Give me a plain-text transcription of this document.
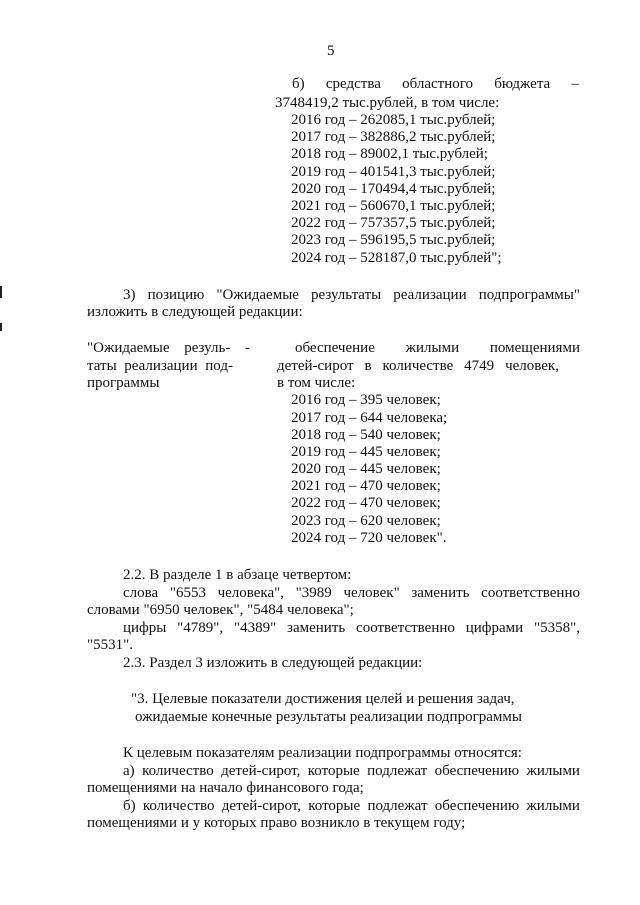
5
б) средства областного бюджета –
3748419,2 тыс.рублей, в том числе:
2016 год – 262085,1 тыс.рублей;
2017 год – 382886,2 тыс.рублей;
2018 год – 89002,1 тыс.рублей;
2019 год – 401541,3 тыс.рублей;
2020 год – 170494,4 тыс.рублей;
2021 год – 560670,1 тыс.рублей;
2022 год – 757357,5 тыс.рублей;
2023 год – 596195,5 тыс.рублей;
2024 год – 528187,0 тыс.рублей";
3) позицию "Ожидаемые результаты реализации подпрограммы"
изложить в следующей редакции:
"Ожидаемые резуль- -
таты реализации под-
программы
обеспечение жилыми помещениями
детей-сирот в количестве 4749 человек,
в том числе:
2016 год – 395 человек;
2017 год – 644 человека;
2018 год – 540 человек;
2019 год – 445 человек;
2020 год – 445 человек;
2021 год – 470 человек;
2022 год – 470 человек;
2023 год – 620 человек;
2024 год – 720 человек".
2.2. В разделе 1 в абзаце четвертом:
слова "6553 человека", "3989 человек" заменить соответственно
словами "6950 человек", "5484 человека";
цифры "4789", "4389" заменить соответственно цифрами "5358",
"5531".
2.3. Раздел 3 изложить в следующей редакции:
"3. Целевые показатели достижения целей и решения задач,
ожидаемые конечные результаты реализации подпрограммы
К целевым показателям реализации подпрограммы относятся:
а) количество детей-сирот, которые подлежат обеспечению жилыми
помещениями на начало финансового года;
б) количество детей-сирот, которые подлежат обеспечению жилыми
помещениями и у которых право возникло в текущем году;
